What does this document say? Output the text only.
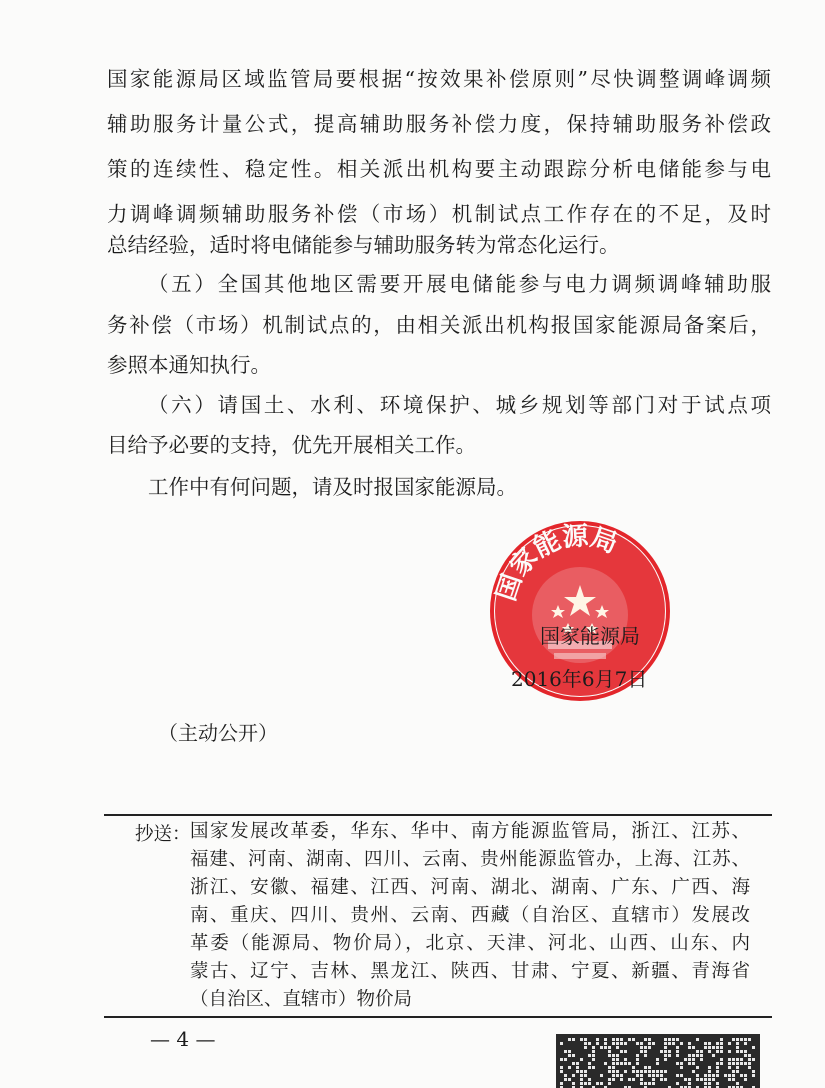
国家能源局区域监管局要根据“按效果补偿原则”尽快调整调峰调频
辅助服务计量公式，提高辅助服务补偿力度，保持辅助服务补偿政
策的连续性、稳定性。相关派出机构要主动跟踪分析电储能参与电
力调峰调频辅助服务补偿（市场）机制试点工作存在的不足，及时
总结经验，适时将电储能参与辅助服务转为常态化运行。
（五）全国其他地区需要开展电储能参与电力调频调峰辅助服
务补偿（市场）机制试点的，由相关派出机构报国家能源局备案后，
参照本通知执行。
（六）请国土、水利、环境保护、城乡规划等部门对于试点项
目给予必要的支持，优先开展相关工作。
工作中有何问题，请及时报国家能源局。
国家能源局
国家能源局
2016年6月7日
（主动公开）
抄送： 国家发展改革委，华东、华中、南方能源监管局，浙江、江苏、
福建、河南、湖南、四川、云南、贵州能源监管办，上海、江苏、
浙江、安徽、福建、江西、河南、湖北、湖南、广东、广西、海
南、重庆、四川、贵州、云南、西藏（自治区、直辖市）发展改
革委（能源局、物价局），北京、天津、河北、山西、山东、内
蒙古、辽宁、吉林、黑龙江、陕西、甘肃、宁夏、新疆、青海省
（自治区、直辖市）物价局
— 4 —
